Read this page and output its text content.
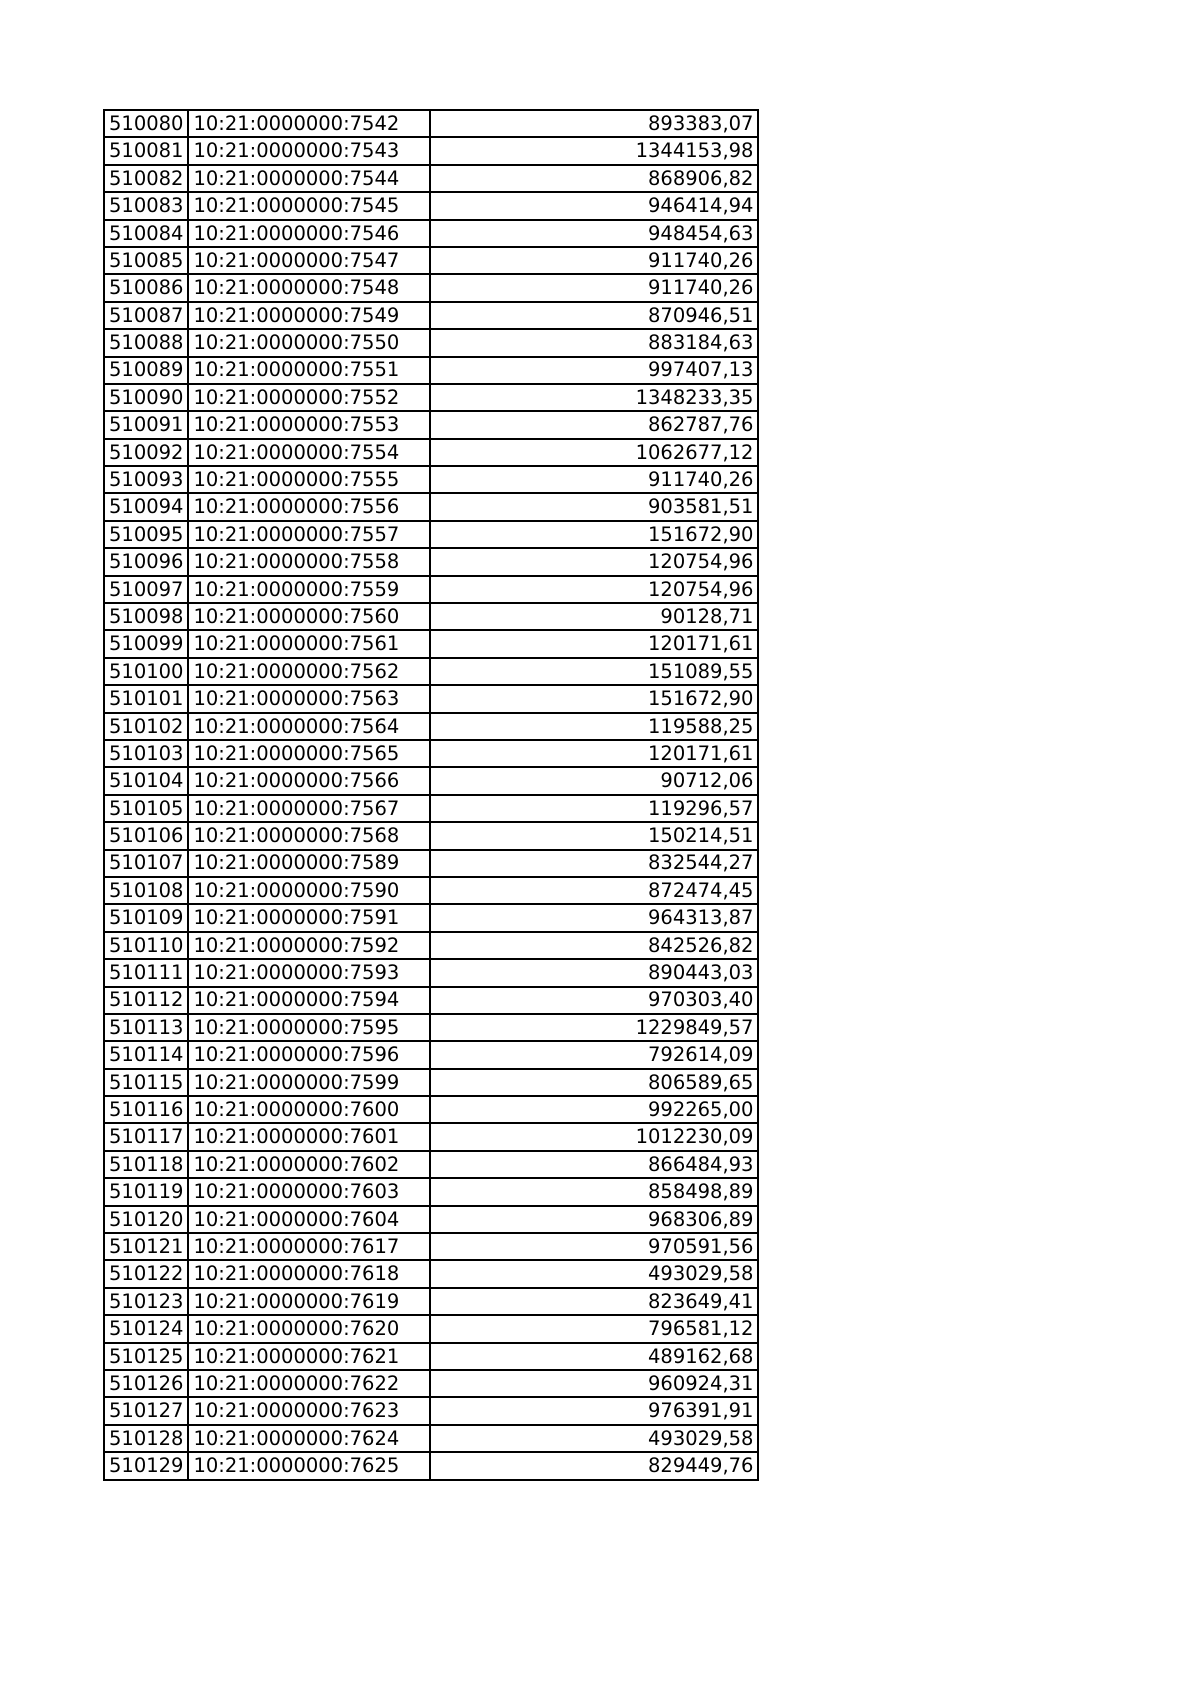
510080	10:21:0000000:7542	893383,07
510081	10:21:0000000:7543	1344153,98
510082	10:21:0000000:7544	868906,82
510083	10:21:0000000:7545	946414,94
510084	10:21:0000000:7546	948454,63
510085	10:21:0000000:7547	911740,26
510086	10:21:0000000:7548	911740,26
510087	10:21:0000000:7549	870946,51
510088	10:21:0000000:7550	883184,63
510089	10:21:0000000:7551	997407,13
510090	10:21:0000000:7552	1348233,35
510091	10:21:0000000:7553	862787,76
510092	10:21:0000000:7554	1062677,12
510093	10:21:0000000:7555	911740,26
510094	10:21:0000000:7556	903581,51
510095	10:21:0000000:7557	151672,90
510096	10:21:0000000:7558	120754,96
510097	10:21:0000000:7559	120754,96
510098	10:21:0000000:7560	90128,71
510099	10:21:0000000:7561	120171,61
510100	10:21:0000000:7562	151089,55
510101	10:21:0000000:7563	151672,90
510102	10:21:0000000:7564	119588,25
510103	10:21:0000000:7565	120171,61
510104	10:21:0000000:7566	90712,06
510105	10:21:0000000:7567	119296,57
510106	10:21:0000000:7568	150214,51
510107	10:21:0000000:7589	832544,27
510108	10:21:0000000:7590	872474,45
510109	10:21:0000000:7591	964313,87
510110	10:21:0000000:7592	842526,82
510111	10:21:0000000:7593	890443,03
510112	10:21:0000000:7594	970303,40
510113	10:21:0000000:7595	1229849,57
510114	10:21:0000000:7596	792614,09
510115	10:21:0000000:7599	806589,65
510116	10:21:0000000:7600	992265,00
510117	10:21:0000000:7601	1012230,09
510118	10:21:0000000:7602	866484,93
510119	10:21:0000000:7603	858498,89
510120	10:21:0000000:7604	968306,89
510121	10:21:0000000:7617	970591,56
510122	10:21:0000000:7618	493029,58
510123	10:21:0000000:7619	823649,41
510124	10:21:0000000:7620	796581,12
510125	10:21:0000000:7621	489162,68
510126	10:21:0000000:7622	960924,31
510127	10:21:0000000:7623	976391,91
510128	10:21:0000000:7624	493029,58
510129	10:21:0000000:7625	829449,76
